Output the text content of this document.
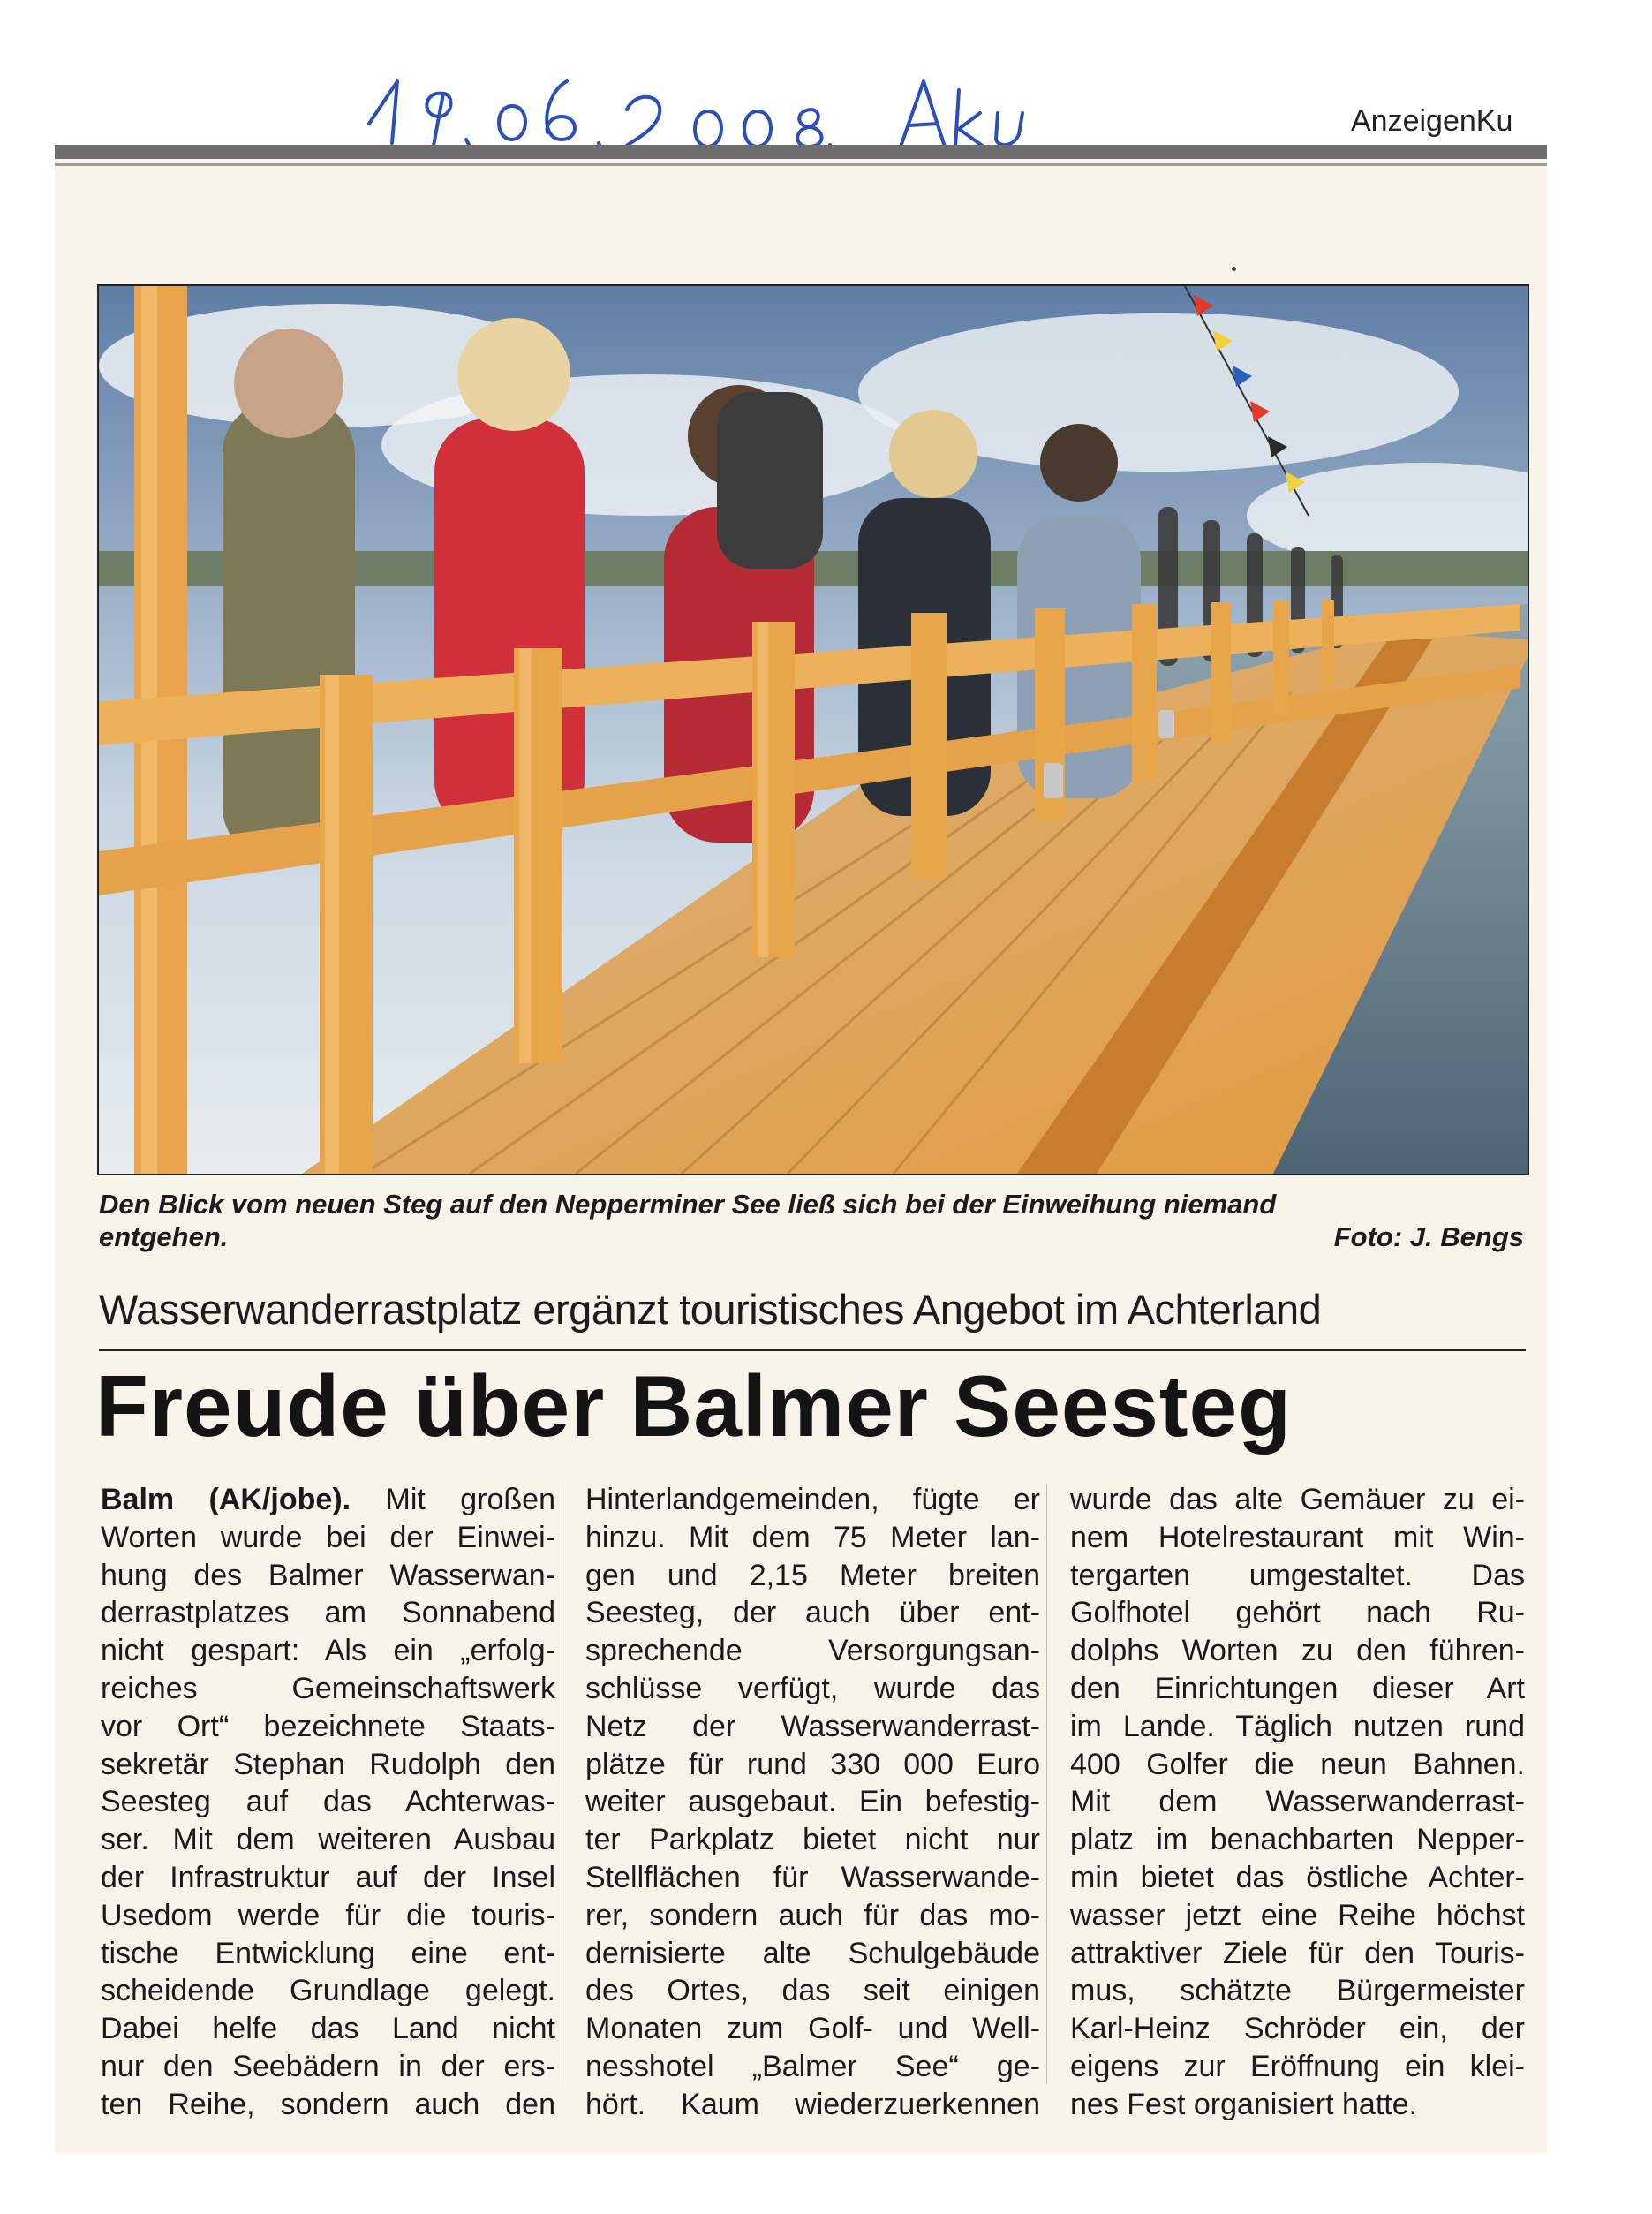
AnzeigenKu
Den Blick vom neuen Steg auf den Nepperminer See ließ sich bei der Einweihung niemand
entgehen.	Foto: J. Bengs
Wasserwanderrastplatz ergänzt touristisches Angebot im Achterland
Freude über Balmer Seesteg
Balm (AK/jobe). Mit großen
Worten wurde bei der Einwei-
hung des Balmer Wasserwan-
derrastplatzes am Sonnabend
nicht gespart: Als ein „erfolg-
reiches Gemeinschaftswerk
vor Ort“ bezeichnete Staats-
sekretär Stephan Rudolph den
Seesteg auf das Achterwas-
ser. Mit dem weiteren Ausbau
der Infrastruktur auf der Insel
Usedom werde für die touris-
tische Entwicklung eine ent-
scheidende Grundlage gelegt.
Dabei helfe das Land nicht
nur den Seebädern in der ers-
ten Reihe, sondern auch den
Hinterlandgemeinden, fügte er
hinzu. Mit dem 75 Meter lan-
gen und 2,15 Meter breiten
Seesteg, der auch über ent-
sprechende Versorgungsan-
schlüsse verfügt, wurde das
Netz der Wasserwanderrast-
plätze für rund 330 000 Euro
weiter ausgebaut. Ein befestig-
ter Parkplatz bietet nicht nur
Stellflächen für Wasserwande-
rer, sondern auch für das mo-
dernisierte alte Schulgebäude
des Ortes, das seit einigen
Monaten zum Golf- und Well-
nesshotel „Balmer See“ ge-
hört. Kaum wiederzuerkennen
wurde das alte Gemäuer zu ei-
nem Hotelrestaurant mit Win-
tergarten umgestaltet. Das
Golfhotel gehört nach Ru-
dolphs Worten zu den führen-
den Einrichtungen dieser Art
im Lande. Täglich nutzen rund
400 Golfer die neun Bahnen.
Mit dem Wasserwanderrast-
platz im benachbarten Nepper-
min bietet das östliche Achter-
wasser jetzt eine Reihe höchst
attraktiver Ziele für den Touris-
mus, schätzte Bürgermeister
Karl-Heinz Schröder ein, der
eigens zur Eröffnung ein klei-
nes Fest organisiert hatte.
